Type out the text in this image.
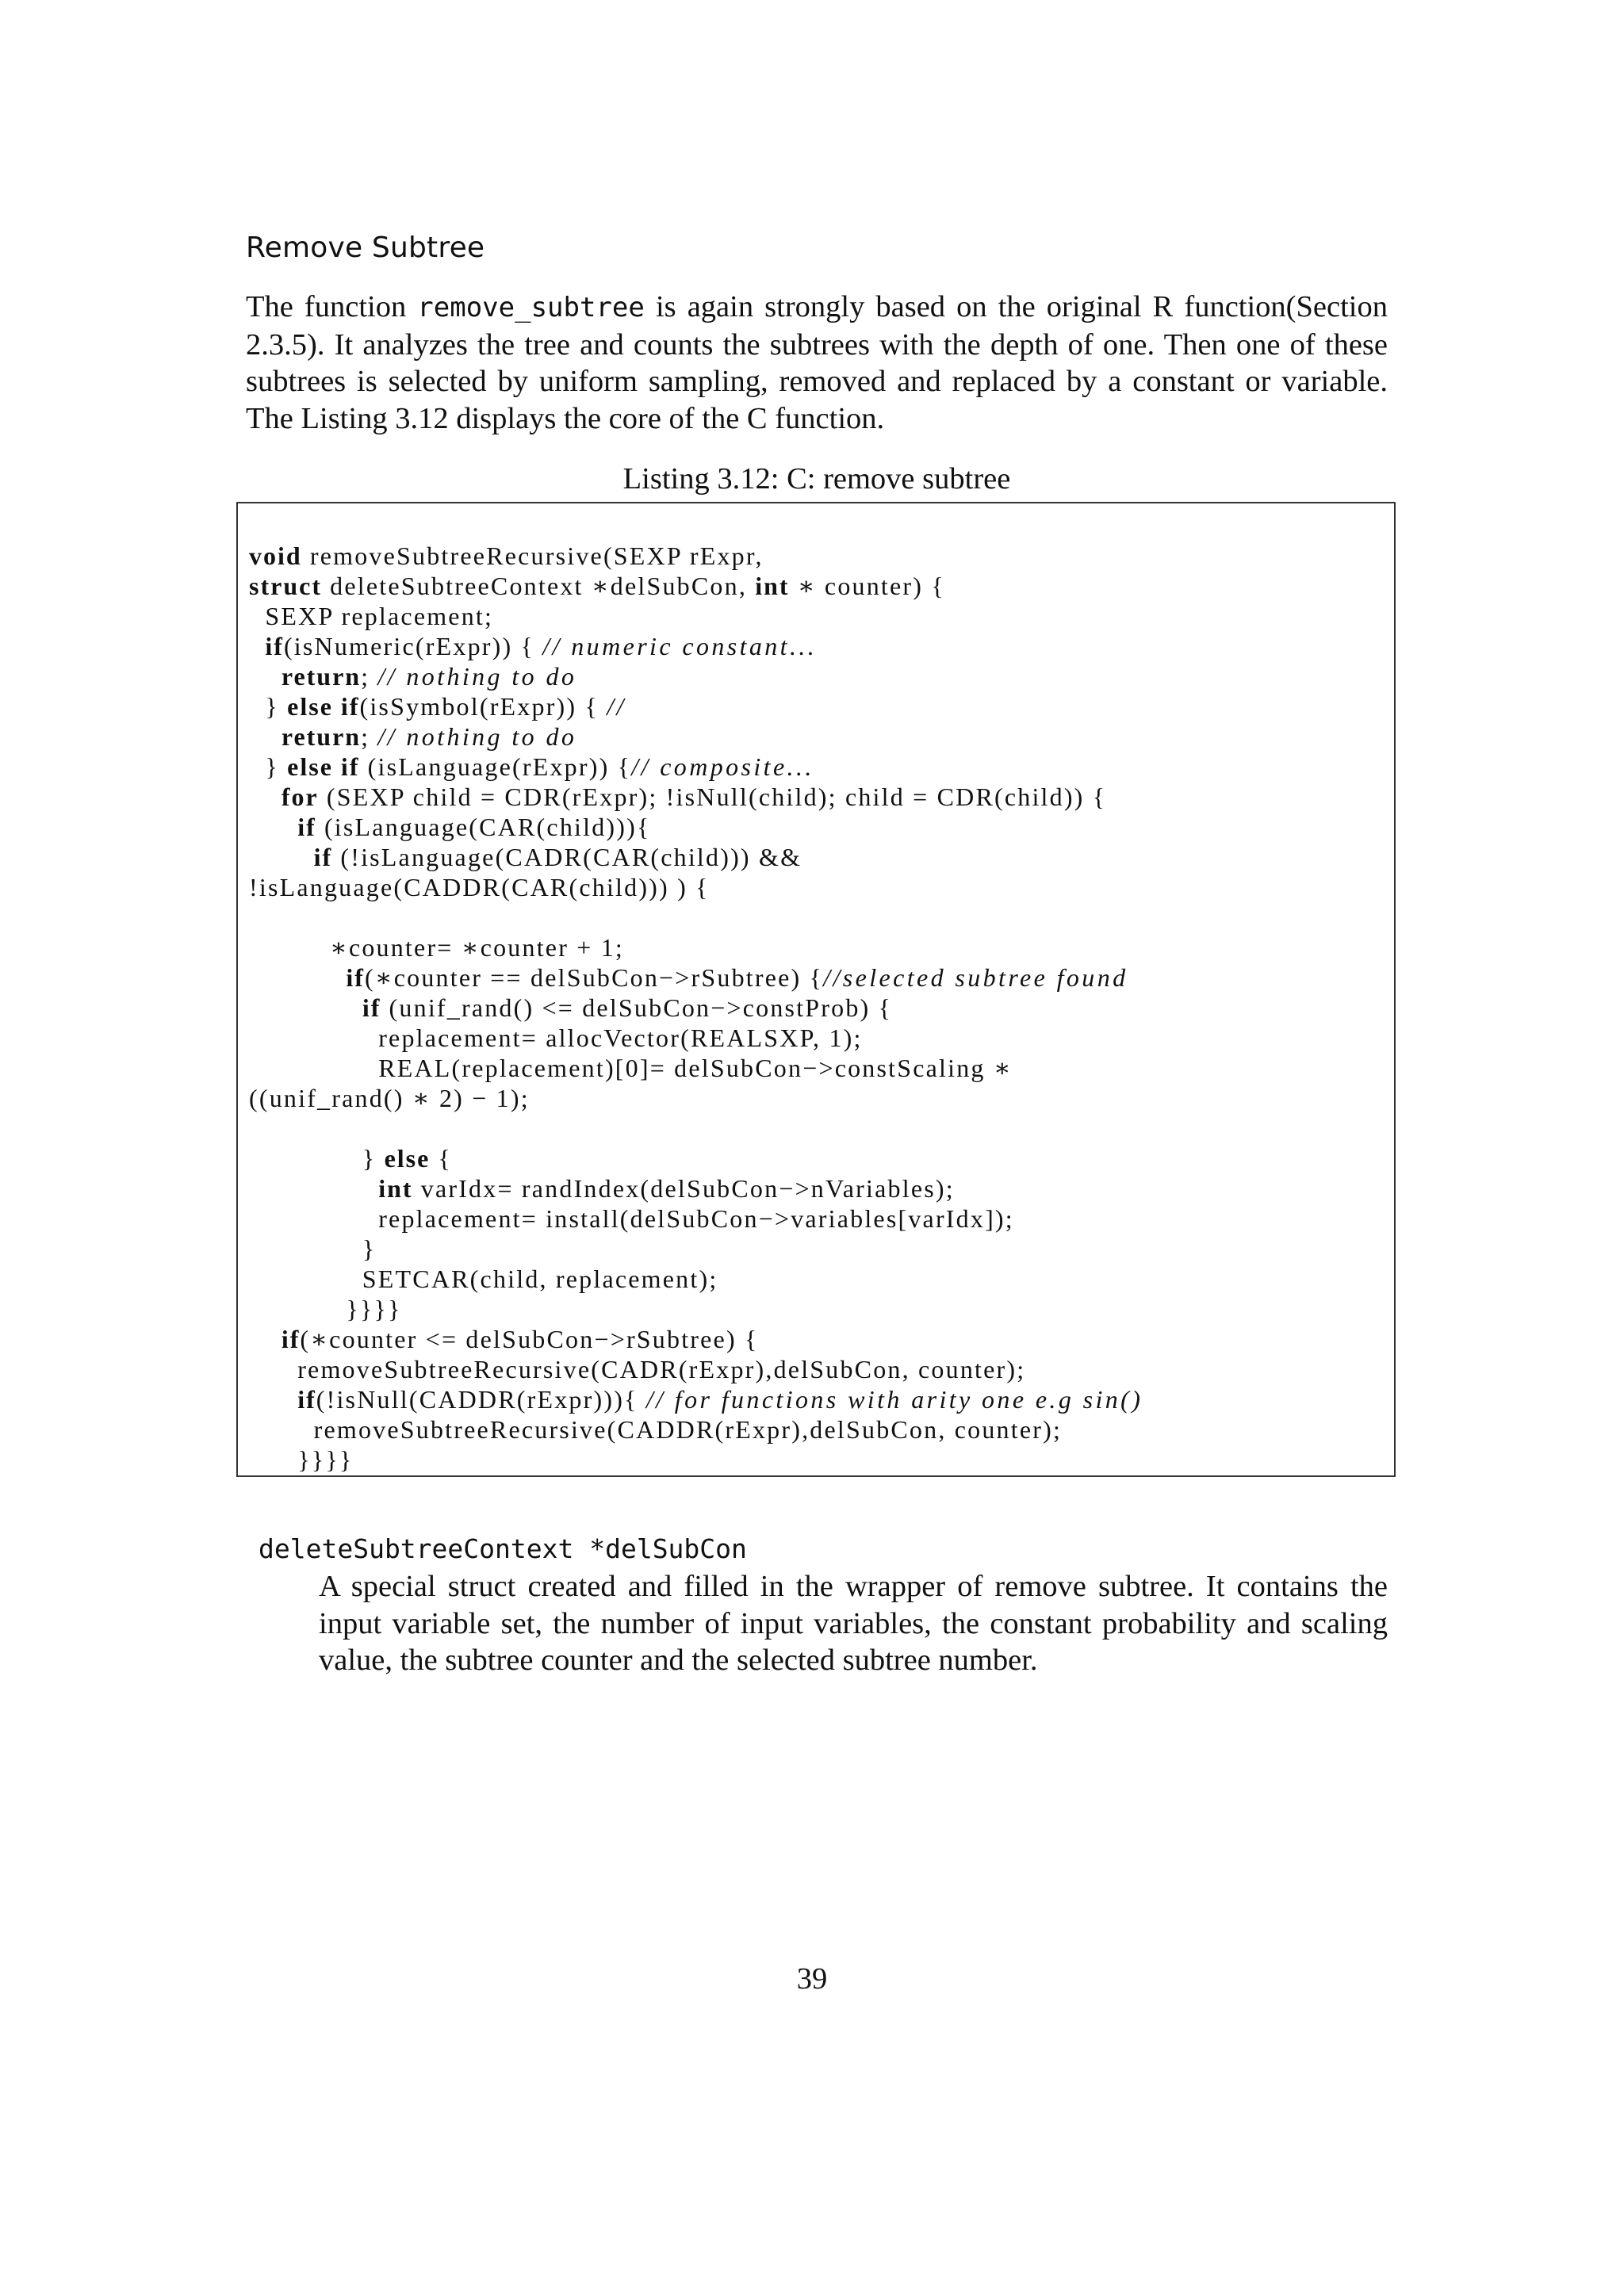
Remove Subtree

The function remove_subtree is again strongly based on the original R function(Section 2.3.5). It analyzes the tree and counts the subtrees with the depth of one. Then one of these subtrees is selected by uniform sampling, removed and replaced by a constant or variable. The Listing 3.12 displays the core of the C function.

Listing 3.12: C: remove subtree
void removeSubtreeRecursive(SEXP rExpr,
struct deleteSubtreeContext ∗delSubCon, int ∗ counter) {
SEXP replacement;
if(isNumeric(rExpr)) { // numeric constant...
return; // nothing to do
} else if(isSymbol(rExpr)) { //
return; // nothing to do
} else if (isLanguage(rExpr)) {// composite...
for (SEXP child = CDR(rExpr); !isNull(child); child = CDR(child)) {
if (isLanguage(CAR(child))){
if (!isLanguage(CADR(CAR(child))) &&
!isLanguage(CADDR(CAR(child))) ) {

∗counter= ∗counter + 1;
if(∗counter == delSubCon−>rSubtree) {//selected subtree found
if (unif_rand() <= delSubCon−>constProb) {
replacement= allocVector(REALSXP, 1);
REAL(replacement)[0]= delSubCon−>constScaling ∗
((unif_rand() ∗ 2) − 1);

} else {
int varIdx= randIndex(delSubCon−>nVariables);
replacement= install(delSubCon−>variables[varIdx]);
}
SETCAR(child, replacement);
}}}}
if(∗counter <= delSubCon−>rSubtree) {
removeSubtreeRecursive(CADR(rExpr),delSubCon, counter);
if(!isNull(CADDR(rExpr))){ // for functions with arity one e.g sin()
removeSubtreeRecursive(CADDR(rExpr),delSubCon, counter);
}}}}
deleteSubtreeContext *delSubCon

A special struct created and filled in the wrapper of remove subtree. It contains the input variable set, the number of input variables, the constant probability and scaling value, the subtree counter and the selected subtree number.

39
